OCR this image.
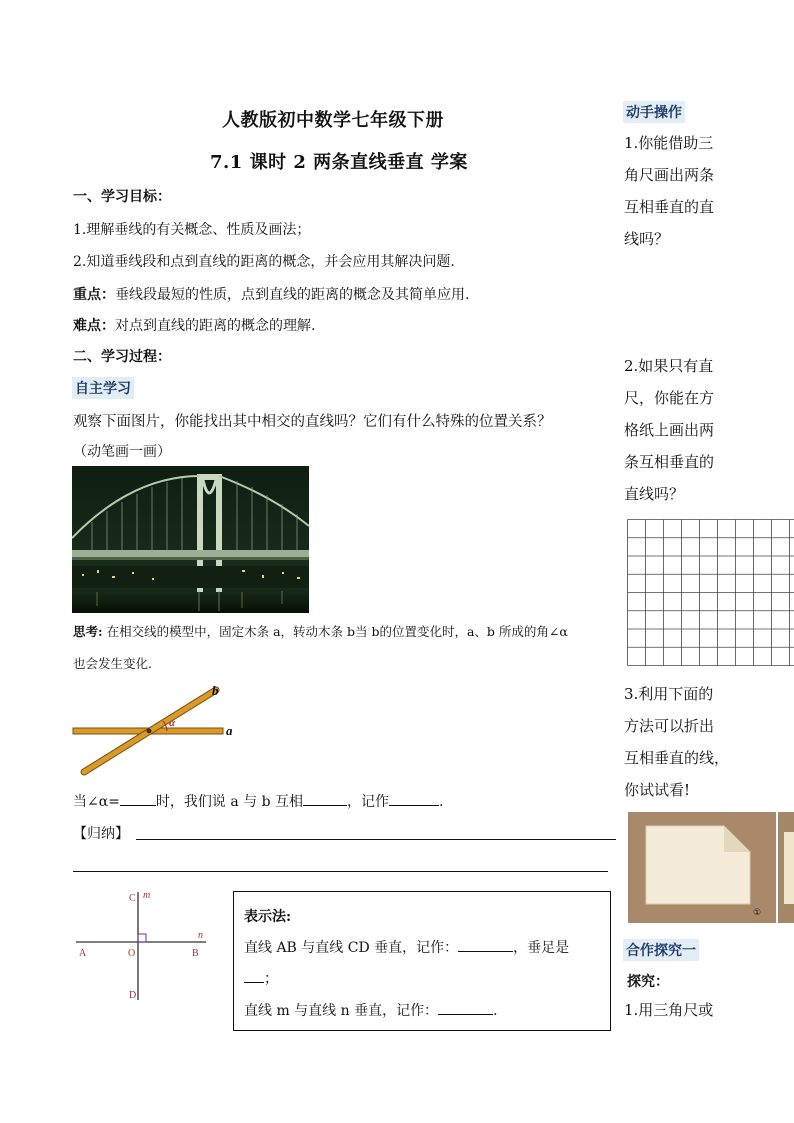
人教版初中数学七年级下册
7.1 课时 2 两条直线垂直 学案
一、学习目标：
1.理解垂线的有关概念、性质及画法；
2.知道垂线段和点到直线的距离的概念，并会应用其解决问题.
重点：垂线段最短的性质，点到直线的距离的概念及其简单应用.
难点：对点到直线的距离的概念的理解.
二、学习过程：
自主学习
观察下面图片，你能找出其中相交的直线吗？它们有什么特殊的位置关系？
（动笔画一画）
思考: 在相交线的模型中，固定木条 a，转动木条 b当 b的位置变化时，a、b 所成的角∠α
也会发生变化.
α	a
b
当∠α=	时，我们说 a 与 b 互相	，记作	.
【归纳】
C m
A	O	B
n
D
表示法:
直线 AB 与直线 CD 垂直，记作：	，垂足是
；
直线 m 与直线 n 垂直，记作：	.
动手操作
1.你能借助三
角尺画出两条
互相垂直的直
线吗？
2.如果只有直
尺，你能在方
格纸上画出两
条互相垂直的
直线吗？
3.利用下面的
方法可以折出
互相垂直的线，
你试试看!
①
合作探究一
探究：
1.用三角尺或
